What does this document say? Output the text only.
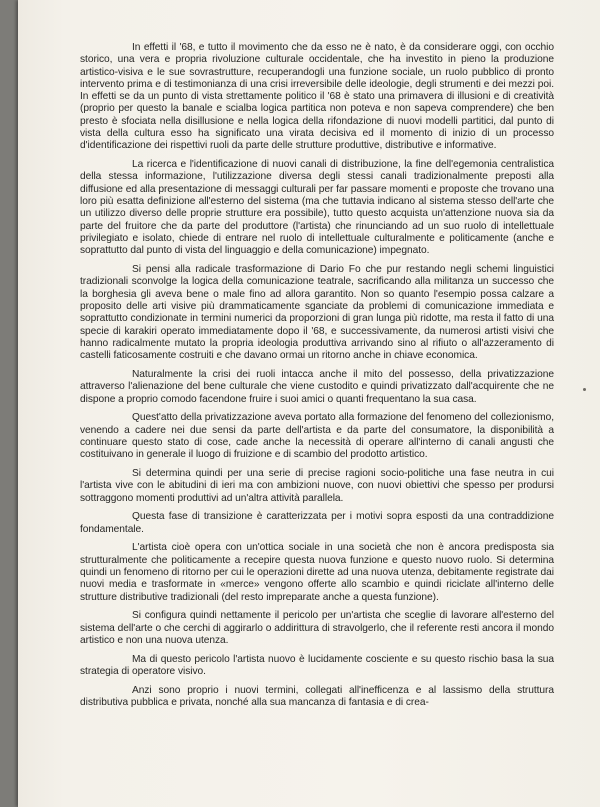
In effetti il '68, e tutto il movimento che da esso ne è nato, è da considerare oggi, con occhio storico, una vera e propria rivoluzione culturale occidentale, che ha investito in pieno la produzione artistico-visiva e le sue sovrastrutture, recuperandogli una funzione sociale, un ruolo pubblico di pronto intervento prima e di testimonianza di una crisi irreversibile delle ideologie, degli strumenti e dei mezzi poi. In effetti se da un punto di vista strettamente politico il '68 è stato una primavera di illusioni e di creatività (proprio per questo la banale e scialba logica partitica non poteva e non sapeva comprendere) che ben presto è sfociata nella disillusione e nella logica della rifondazione di nuovi modelli partitici, dal punto di vista della cultura esso ha significato una virata decisiva ed il momento di inizio di un processo d'identificazione dei rispettivi ruoli da parte delle strutture produttive, distributive e informative.

La ricerca e l'identificazione di nuovi canali di distribuzione, la fine dell'egemonia centralistica della stessa informazione, l'utilizzazione diversa degli stessi canali tradizionalmente preposti alla diffusione ed alla presentazione di messaggi culturali per far passare momenti e proposte che trovano una loro più esatta definizione all'esterno del sistema (ma che tuttavia indicano al sistema stesso dell'arte che un utilizzo diverso delle proprie strutture era possibile), tutto questo acquista un'attenzione nuova sia da parte del fruitore che da parte del produttore (l'artista) che rinunciando ad un suo ruolo di intellettuale privilegiato e isolato, chiede di entrare nel ruolo di intellettuale culturalmente e politicamente (anche e soprattutto dal punto di vista del linguaggio e della comunicazione) impegnato.

Si pensi alla radicale trasformazione di Dario Fo che pur restando negli schemi linguistici tradizionali sconvolge la logica della comunicazione teatrale, sacrificando alla militanza un successo che la borghesia gli aveva bene o male fino ad allora garantito. Non so quanto l'esempio possa calzare a proposito delle arti visive più drammaticamente sganciate da problemi di comunicazione immediata e soprattutto condizionate in termini numerici da proporzioni di gran lunga più ridotte, ma resta il fatto di una specie di karakiri operato immediatamente dopo il '68, e successivamente, da numerosi artisti visivi che hanno radicalmente mutato la propria ideologia produttiva arrivando sino al rifiuto o all'azzeramento di castelli faticosamente costruiti e che davano ormai un ritorno anche in chiave economica.

Naturalmente la crisi dei ruoli intacca anche il mito del possesso, della privatizzazione attraverso l'alienazione del bene culturale che viene custodito e quindi privatizzato dall'acquirente che ne dispone a proprio comodo facendone fruire i suoi amici o quanti frequentano la sua casa.

Quest'atto della privatizzazione aveva portato alla formazione del fenomeno del collezionismo, venendo a cadere nei due sensi da parte dell'artista e da parte del consumatore, la disponibilità a continuare questo stato di cose, cade anche la necessità di operare all'interno di canali angusti che costituivano in generale il luogo di fruizione e di scambio del prodotto artistico.

Si determina quindi per una serie di precise ragioni socio-politiche una fase neutra in cui l'artista vive con le abitudini di ieri ma con ambizioni nuove, con nuovi obiettivi che spesso per prodursi sottraggono momenti produttivi ad un'altra attività parallela.

Questa fase di transizione è caratterizzata per i motivi sopra esposti da una contraddizione fondamentale.

L'artista cioè opera con un'ottica sociale in una società che non è ancora predisposta sia strutturalmente che politicamente a recepire questa nuova funzione e questo nuovo ruolo. Si determina quindi un fenomeno di ritorno per cui le operazioni dirette ad una nuova utenza, debitamente registrate dai nuovi media e trasformate in «merce» vengono offerte allo scambio e quindi riciclate all'interno delle strutture distributive tradizionali (del resto impreparate anche a questa funzione).

Si configura quindi nettamente il pericolo per un'artista che sceglie di lavorare all'esterno del sistema dell'arte o che cerchi di aggirarlo o addirittura di stravolgerlo, che il referente resti ancora il mondo artistico e non una nuova utenza.

Ma di questo pericolo l'artista nuovo è lucidamente cosciente e su questo rischio basa la sua strategia di operatore visivo.

Anzi sono proprio i nuovi termini, collegati all'inefficenza e al lassismo della struttura distributiva pubblica e privata, nonché alla sua mancanza di fantasia e di crea-
